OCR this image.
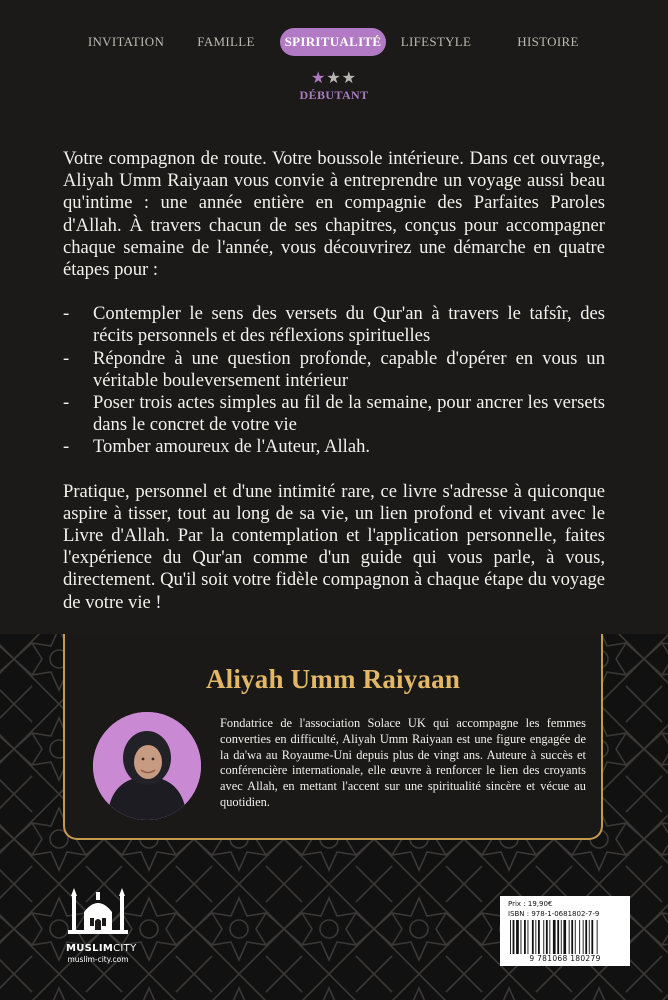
INVITATION	FAMILLE	SPIRITUALITÉ	LIFESTYLE	HISTOIRE
★★★
DÉBUTANT

Votre compagnon de route. Votre boussole intérieure. Dans cet ouvrage, Aliyah Umm Raiyaan vous convie à entreprendre un voyage aussi beau qu'intime : une année entière en compagnie des Parfaites Paroles d'Allah. À travers chacun de ses chapitres, conçus pour accompagner chaque semaine de l'année, vous découvrirez une démarche en quatre étapes pour :

- Contempler le sens des versets du Qur'an à travers le tafsîr, des récits personnels et des réflexions spirituelles
- Répondre à une question profonde, capable d'opérer en vous un véritable bouleversement intérieur
- Poser trois actes simples au fil de la semaine, pour ancrer les versets dans le concret de votre vie
- Tomber amoureux de l'Auteur, Allah.

Pratique, personnel et d'une intimité rare, ce livre s'adresse à quiconque aspire à tisser, tout au long de sa vie, un lien profond et vivant avec le Livre d'Allah. Par la contemplation et l'application personnelle, faites l'expérience du Qur'an comme d'un guide qui vous parle, à vous, directement. Qu'il soit votre fidèle compagnon à chaque étape du voyage de votre vie !

Aliyah Umm Raiyaan
Fondatrice de l'association Solace UK qui accompagne les femmes converties en difficulté, Aliyah Umm Raiyaan est une figure engagée de la da'wa au Royaume-Uni depuis plus de vingt ans. Auteure à succès et conférencière internationale, elle œuvre à renforcer le lien des croyants avec Allah, en mettant l'accent sur une spiritualité sincère et vécue au quotidien.
MUSLIMCITY
muslim-city.com
Prix : 19,90€
ISBN : 978-1-0681802-7-9
9 781068 180279
